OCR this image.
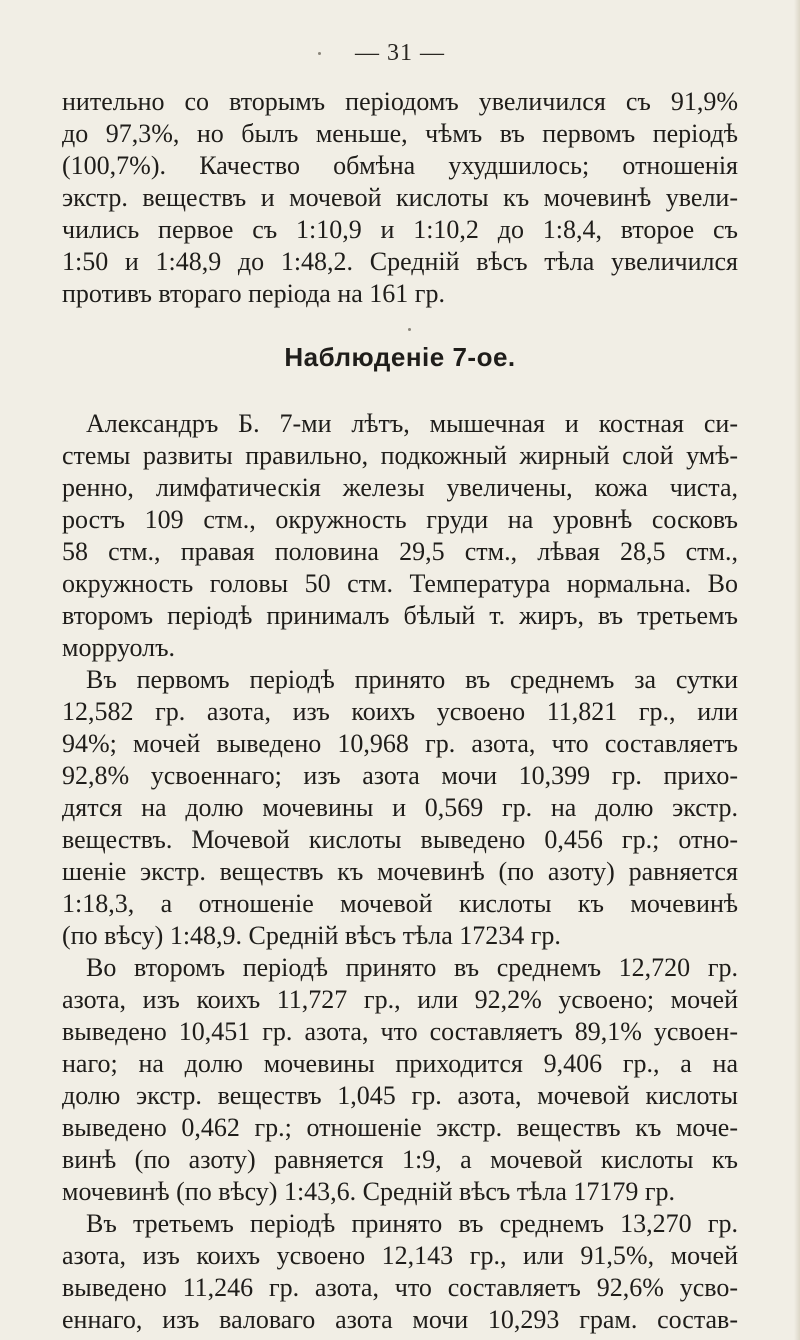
— 31 —
нительно со вторымъ періодомъ увеличился съ 91,9%
до 97,3%, но былъ меньше, чѣмъ въ первомъ періодѣ
(100,7%). Качество обмѣна ухудшилось; отношенія
экстр. веществъ и мочевой кислоты къ мочевинѣ увели-
чились первое съ 1:10,9 и 1:10,2 до 1:8,4, второе съ
1:50 и 1:48,9 до 1:48,2. Средній вѣсъ тѣла увеличился
противъ втораго періода на 161 гр.
Наблюденіе 7-ое.
Александръ Б. 7-ми лѣтъ, мышечная и костная си-
стемы развиты правильно, подкожный жирный слой умѣ-
ренно, лимфатическія железы увеличены, кожа чиста,
ростъ 109 стм., окружность груди на уровнѣ сосковъ
58 стм., правая половина 29,5 стм., лѣвая 28,5 стм.,
окружность головы 50 стм. Температура нормальна. Во
второмъ періодѣ принималъ бѣлый т. жиръ, въ третьемъ
морруолъ.
Въ первомъ періодѣ принято въ среднемъ за сутки
12,582 гр. азота, изъ коихъ усвоено 11,821 гр., или
94%; мочей выведено 10,968 гр. азота, что составляетъ
92,8% усвоеннаго; изъ азота мочи 10,399 гр. прихо-
дятся на долю мочевины и 0,569 гр. на долю экстр.
веществъ. Мочевой кислоты выведено 0,456 гр.; отно-
шеніе экстр. веществъ къ мочевинѣ (по азоту) равняется
1:18,3, а отношеніе мочевой кислоты къ мочевинѣ
(по вѣсу) 1:48,9. Средній вѣсъ тѣла 17234 гр.
Во второмъ періодѣ принято въ среднемъ 12,720 гр.
азота, изъ коихъ 11,727 гр., или 92,2% усвоено; мочей
выведено 10,451 гр. азота, что составляетъ 89,1% усвоен-
наго; на долю мочевины приходится 9,406 гр., а на
долю экстр. веществъ 1,045 гр. азота, мочевой кислоты
выведено 0,462 гр.; отношеніе экстр. веществъ къ моче-
винѣ (по азоту) равняется 1:9, а мочевой кислоты къ
мочевинѣ (по вѣсу) 1:43,6. Средній вѣсъ тѣла 17179 гр.
Въ третьемъ періодѣ принято въ среднемъ 13,270 гр.
азота, изъ коихъ усвоено 12,143 гр., или 91,5%, мочей
выведено 11,246 гр. азота, что составляетъ 92,6% усво-
еннаго, изъ валоваго азота мочи 10,293 грам. состав-
